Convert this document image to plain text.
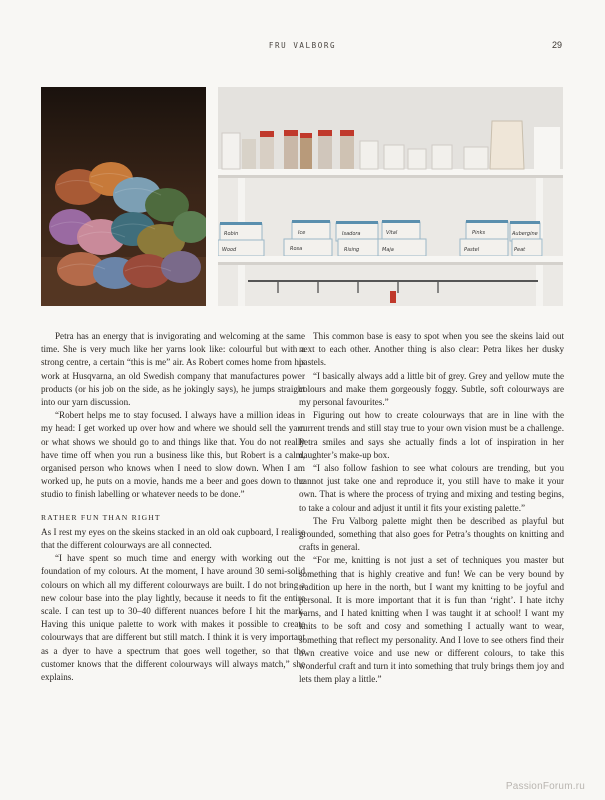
FRU VALBORG	29
Robin
Wood
Ice
Rosa
Isadora
Rising
Vital
Maja
Pinks
Pastel
Aubergine
Peat

Petra has an energy that is invigorating and welcoming at the same time. She is very much like her yarns look like: colourful but with a strong centre, a certain “this is me” air. As Robert comes home from his work at Husqvarna, an old Swedish company that manufactures power products (or his job on the side, as he jokingly says), he jumps straight into our yarn discussion.

“Robert helps me to stay focused. I always have a million ideas in my head: I get worked up over how and where we should sell the yarn or what shows we should go to and things like that. You do not really have time off when you run a business like this, but Robert is a calm, organised person who knows when I need to slow down. When I am worked up, he puts on a movie, hands me a beer and goes down to the studio to finish labelling or whatever needs to be done.”

RATHER FUN THAN RIGHT

As I rest my eyes on the skeins stacked in an old oak cupboard, I realise that the different colourways are all connected.

“I have spent so much time and energy with working out the foundation of my colours. At the moment, I have around 30 semi-solid colours on which all my different colourways are built. I do not bring a new colour base into the play lightly, because it needs to fit the entire scale. I can test up to 30–40 different nuances before I hit the mark. Having this unique palette to work with makes it possible to create colourways that are different but still match. I think it is very important as a dyer to have a spectrum that goes well together, so that the customer knows that the different colourways will always match,” she explains.

This common base is easy to spot when you see the skeins laid out next to each other. Another thing is also clear: Petra likes her dusky pastels.

“I basically always add a little bit of grey. Grey and yellow mute the colours and make them gorgeously foggy. Subtle, soft colourways are my personal favourites.”

Figuring out how to create colourways that are in line with the current trends and still stay true to your own vision must be a challenge. Petra smiles and says she actually finds a lot of inspiration in her daughter’s make-up box.

“I also follow fashion to see what colours are trending, but you cannot just take one and reproduce it, you still have to make it your own. That is where the process of trying and mixing and testing begins, to take a colour and adjust it until it fits your existing palette.”

The Fru Valborg palette might then be described as playful but grounded, something that also goes for Petra’s thoughts on knitting and crafts in general.

“For me, knitting is not just a set of techniques you master but something that is highly creative and fun! We can be very bound by tradition up here in the north, but I want my knitting to be joyful and personal. It is more important that it is fun than ‘right’. I hate itchy yarns, and I hated knitting when I was taught it at school! I want my knits to be soft and cosy and something I actually want to wear, something that reflect my personality. And I love to see others find their own creative voice and use new or different colours, to take this wonderful craft and turn it into something that truly brings them joy and lets them play a little.”

PassionForum.ru
